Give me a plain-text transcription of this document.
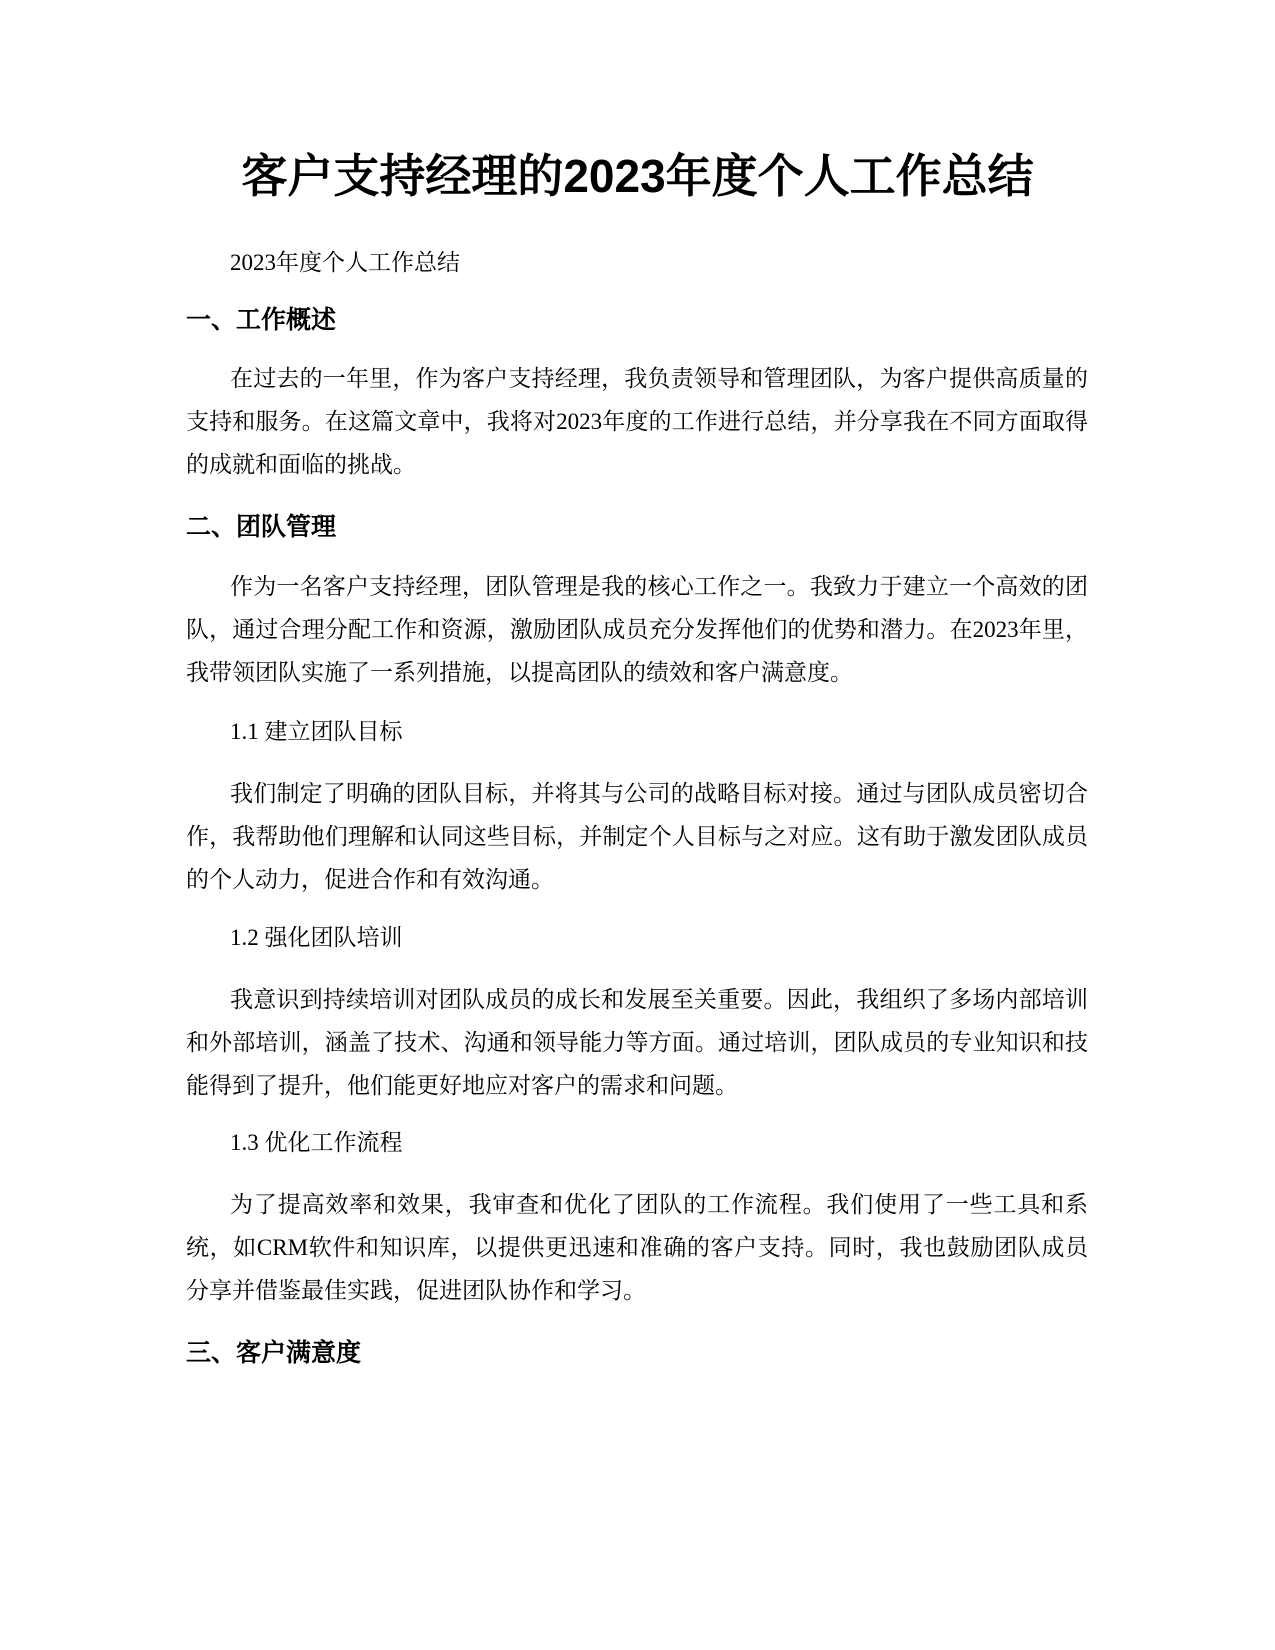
客户支持经理的2023年度个人工作总结

2023年度个人工作总结

一、工作概述

在过去的一年里，作为客户支持经理，我负责领导和管理团队，为客户提供高质量的支持和服务。在这篇文章中，我将对2023年度的工作进行总结，并分享我在不同方面取得的成就和面临的挑战。

二、团队管理

作为一名客户支持经理，团队管理是我的核心工作之一。我致力于建立一个高效的团队，通过合理分配工作和资源，激励团队成员充分发挥他们的优势和潜力。在2023年里，我带领团队实施了一系列措施，以提高团队的绩效和客户满意度。

1.1 建立团队目标

我们制定了明确的团队目标，并将其与公司的战略目标对接。通过与团队成员密切合作，我帮助他们理解和认同这些目标，并制定个人目标与之对应。这有助于激发团队成员的个人动力，促进合作和有效沟通。

1.2 强化团队培训

我意识到持续培训对团队成员的成长和发展至关重要。因此，我组织了多场内部培训和外部培训，涵盖了技术、沟通和领导能力等方面。通过培训，团队成员的专业知识和技能得到了提升，他们能更好地应对客户的需求和问题。

1.3 优化工作流程

为了提高效率和效果，我审查和优化了团队的工作流程。我们使用了一些工具和系统，如CRM软件和知识库，以提供更迅速和准确的客户支持。同时，我也鼓励团队成员分享并借鉴最佳实践，促进团队协作和学习。

三、客户满意度
